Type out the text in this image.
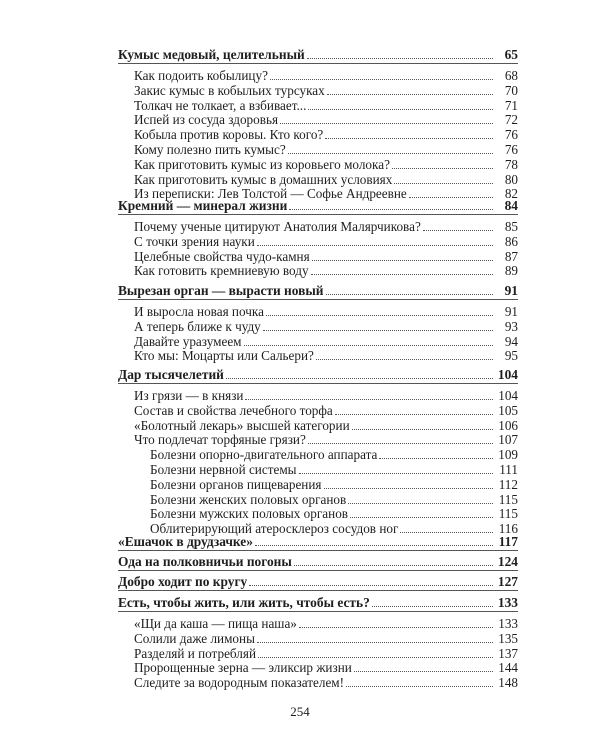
Кумыс медовый, целительный	65
Как подоить кобылицу?	68
Закис кумыс в кобыльих турсуках	70
Толкач не толкает, а взбивает...	71
Испей из сосуда здоровья	72
Кобыла против коровы. Кто кого?	76
Кому полезно пить кумыс?	76
Как приготовить кумыс из коровьего молока?	78
Как приготовить кумыс в домашних условиях	80
Из переписки: Лев Толстой — Софье Андреевне	82
Кремний — минерал жизни	84
Почему ученые цитируют Анатолия Малярчикова?	85
С точки зрения науки	86
Целебные свойства чудо-камня	87
Как готовить кремниевую воду	89
Вырезан орган — вырасти новый	91
И выросла новая почка	91
А теперь ближе к чуду	93
Давайте уразумеем	94
Кто мы: Моцарты или Сальери?	95
Дар тысячелетий	104
Из грязи — в князи	104
Состав и свойства лечебного торфа	105
«Болотный лекарь» высшей категории	106
Что подлечат торфяные грязи?	107
Болезни опорно-двигательного аппарата	109
Болезни нервной системы	111
Болезни органов пищеварения	112
Болезни женских половых органов	115
Болезни мужских половых органов	115
Облитерирующий атеросклероз сосудов ног	116
«Ешачок в друдзачке»	117
Ода на полковничьи погоны	124
Добро ходит по кругу	127
Есть, чтобы жить, или жить, чтобы есть?	133
«Щи да каша — пища наша»	133
Солили даже лимоны	135
Разделяй и потребляй	137
Пророщенные зерна — эликсир жизни	144
Следите за водородным показателем!	148
254
